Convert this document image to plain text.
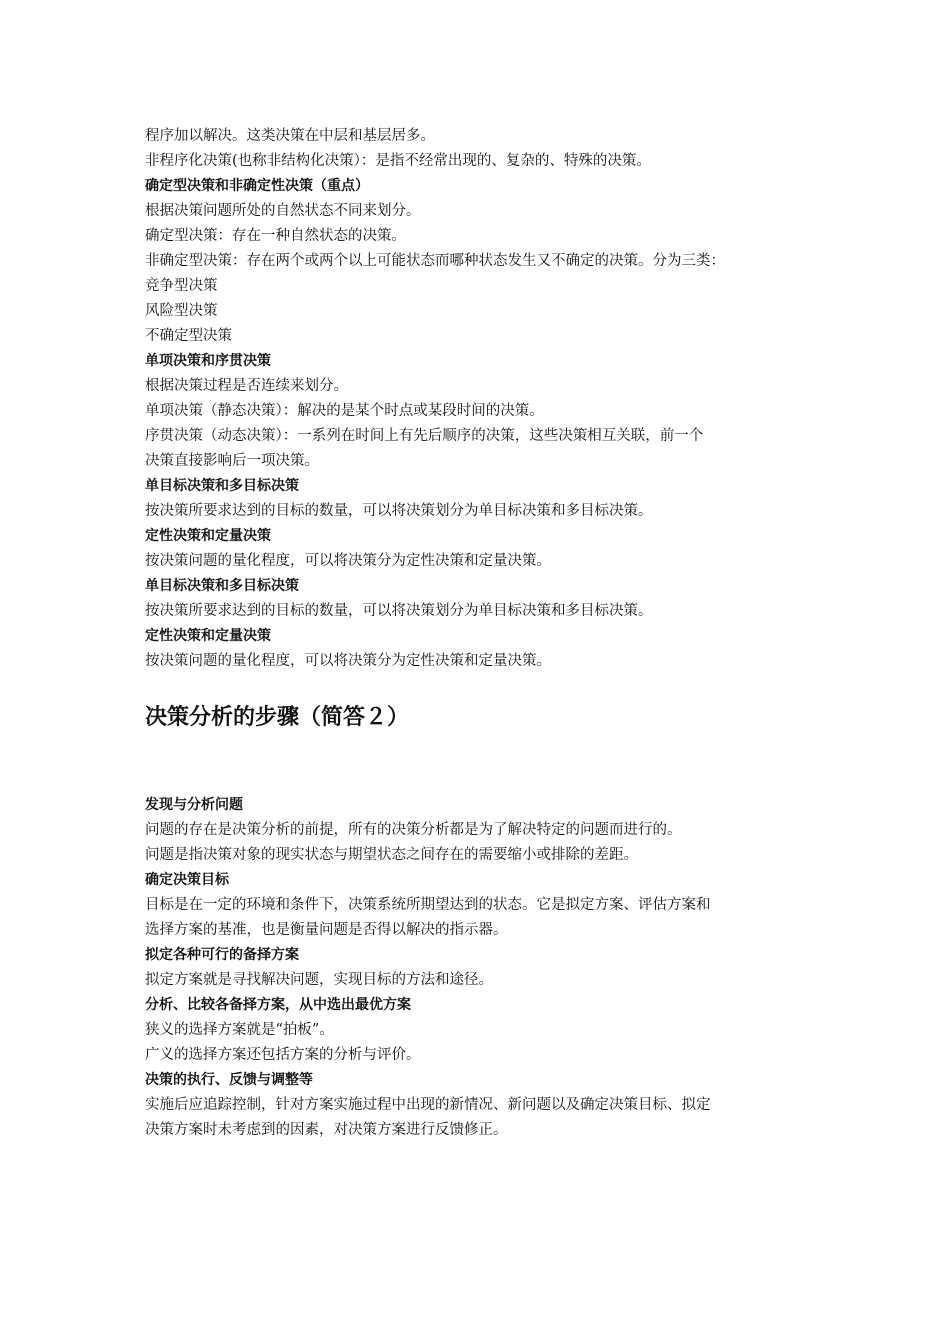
程序加以解决。这类决策在中层和基层居多。
非程序化决策(也称非结构化决策）：是指不经常出现的、复杂的、特殊的决策。
确定型决策和非确定性决策（重点）
根据决策问题所处的自然状态不同来划分。
确定型决策：存在一种自然状态的决策。
非确定型决策：存在两个或两个以上可能状态而哪种状态发生又不确定的决策。分为三类：
竞争型决策
风险型决策
不确定型决策
单项决策和序贯决策
根据决策过程是否连续来划分。
单项决策（静态决策）：解决的是某个时点或某段时间的决策。
序贯决策（动态决策）：一系列在时间上有先后顺序的决策，这些决策相互关联，前一个
决策直接影响后一项决策。
单目标决策和多目标决策
按决策所要求达到的目标的数量，可以将决策划分为单目标决策和多目标决策。
定性决策和定量决策
按决策问题的量化程度，可以将决策分为定性决策和定量决策。
单目标决策和多目标决策
按决策所要求达到的目标的数量，可以将决策划分为单目标决策和多目标决策。
定性决策和定量决策
按决策问题的量化程度，可以将决策分为定性决策和定量决策。
决策分析的步骤（简答２）
发现与分析问题
问题的存在是决策分析的前提，所有的决策分析都是为了解决特定的问题而进行的。
问题是指决策对象的现实状态与期望状态之间存在的需要缩小或排除的差距。
确定决策目标
目标是在一定的环境和条件下，决策系统所期望达到的状态。它是拟定方案、评估方案和
选择方案的基准，也是衡量问题是否得以解决的指示器。
拟定各种可行的备择方案
拟定方案就是寻找解决问题，实现目标的方法和途径。
分析、比较各备择方案，从中选出最优方案
狭义的选择方案就是“拍板”。
广义的选择方案还包括方案的分析与评价。
决策的执行、反馈与调整等
实施后应追踪控制，针对方案实施过程中出现的新情况、新问题以及确定决策目标、拟定
决策方案时未考虑到的因素，对决策方案进行反馈修正。
